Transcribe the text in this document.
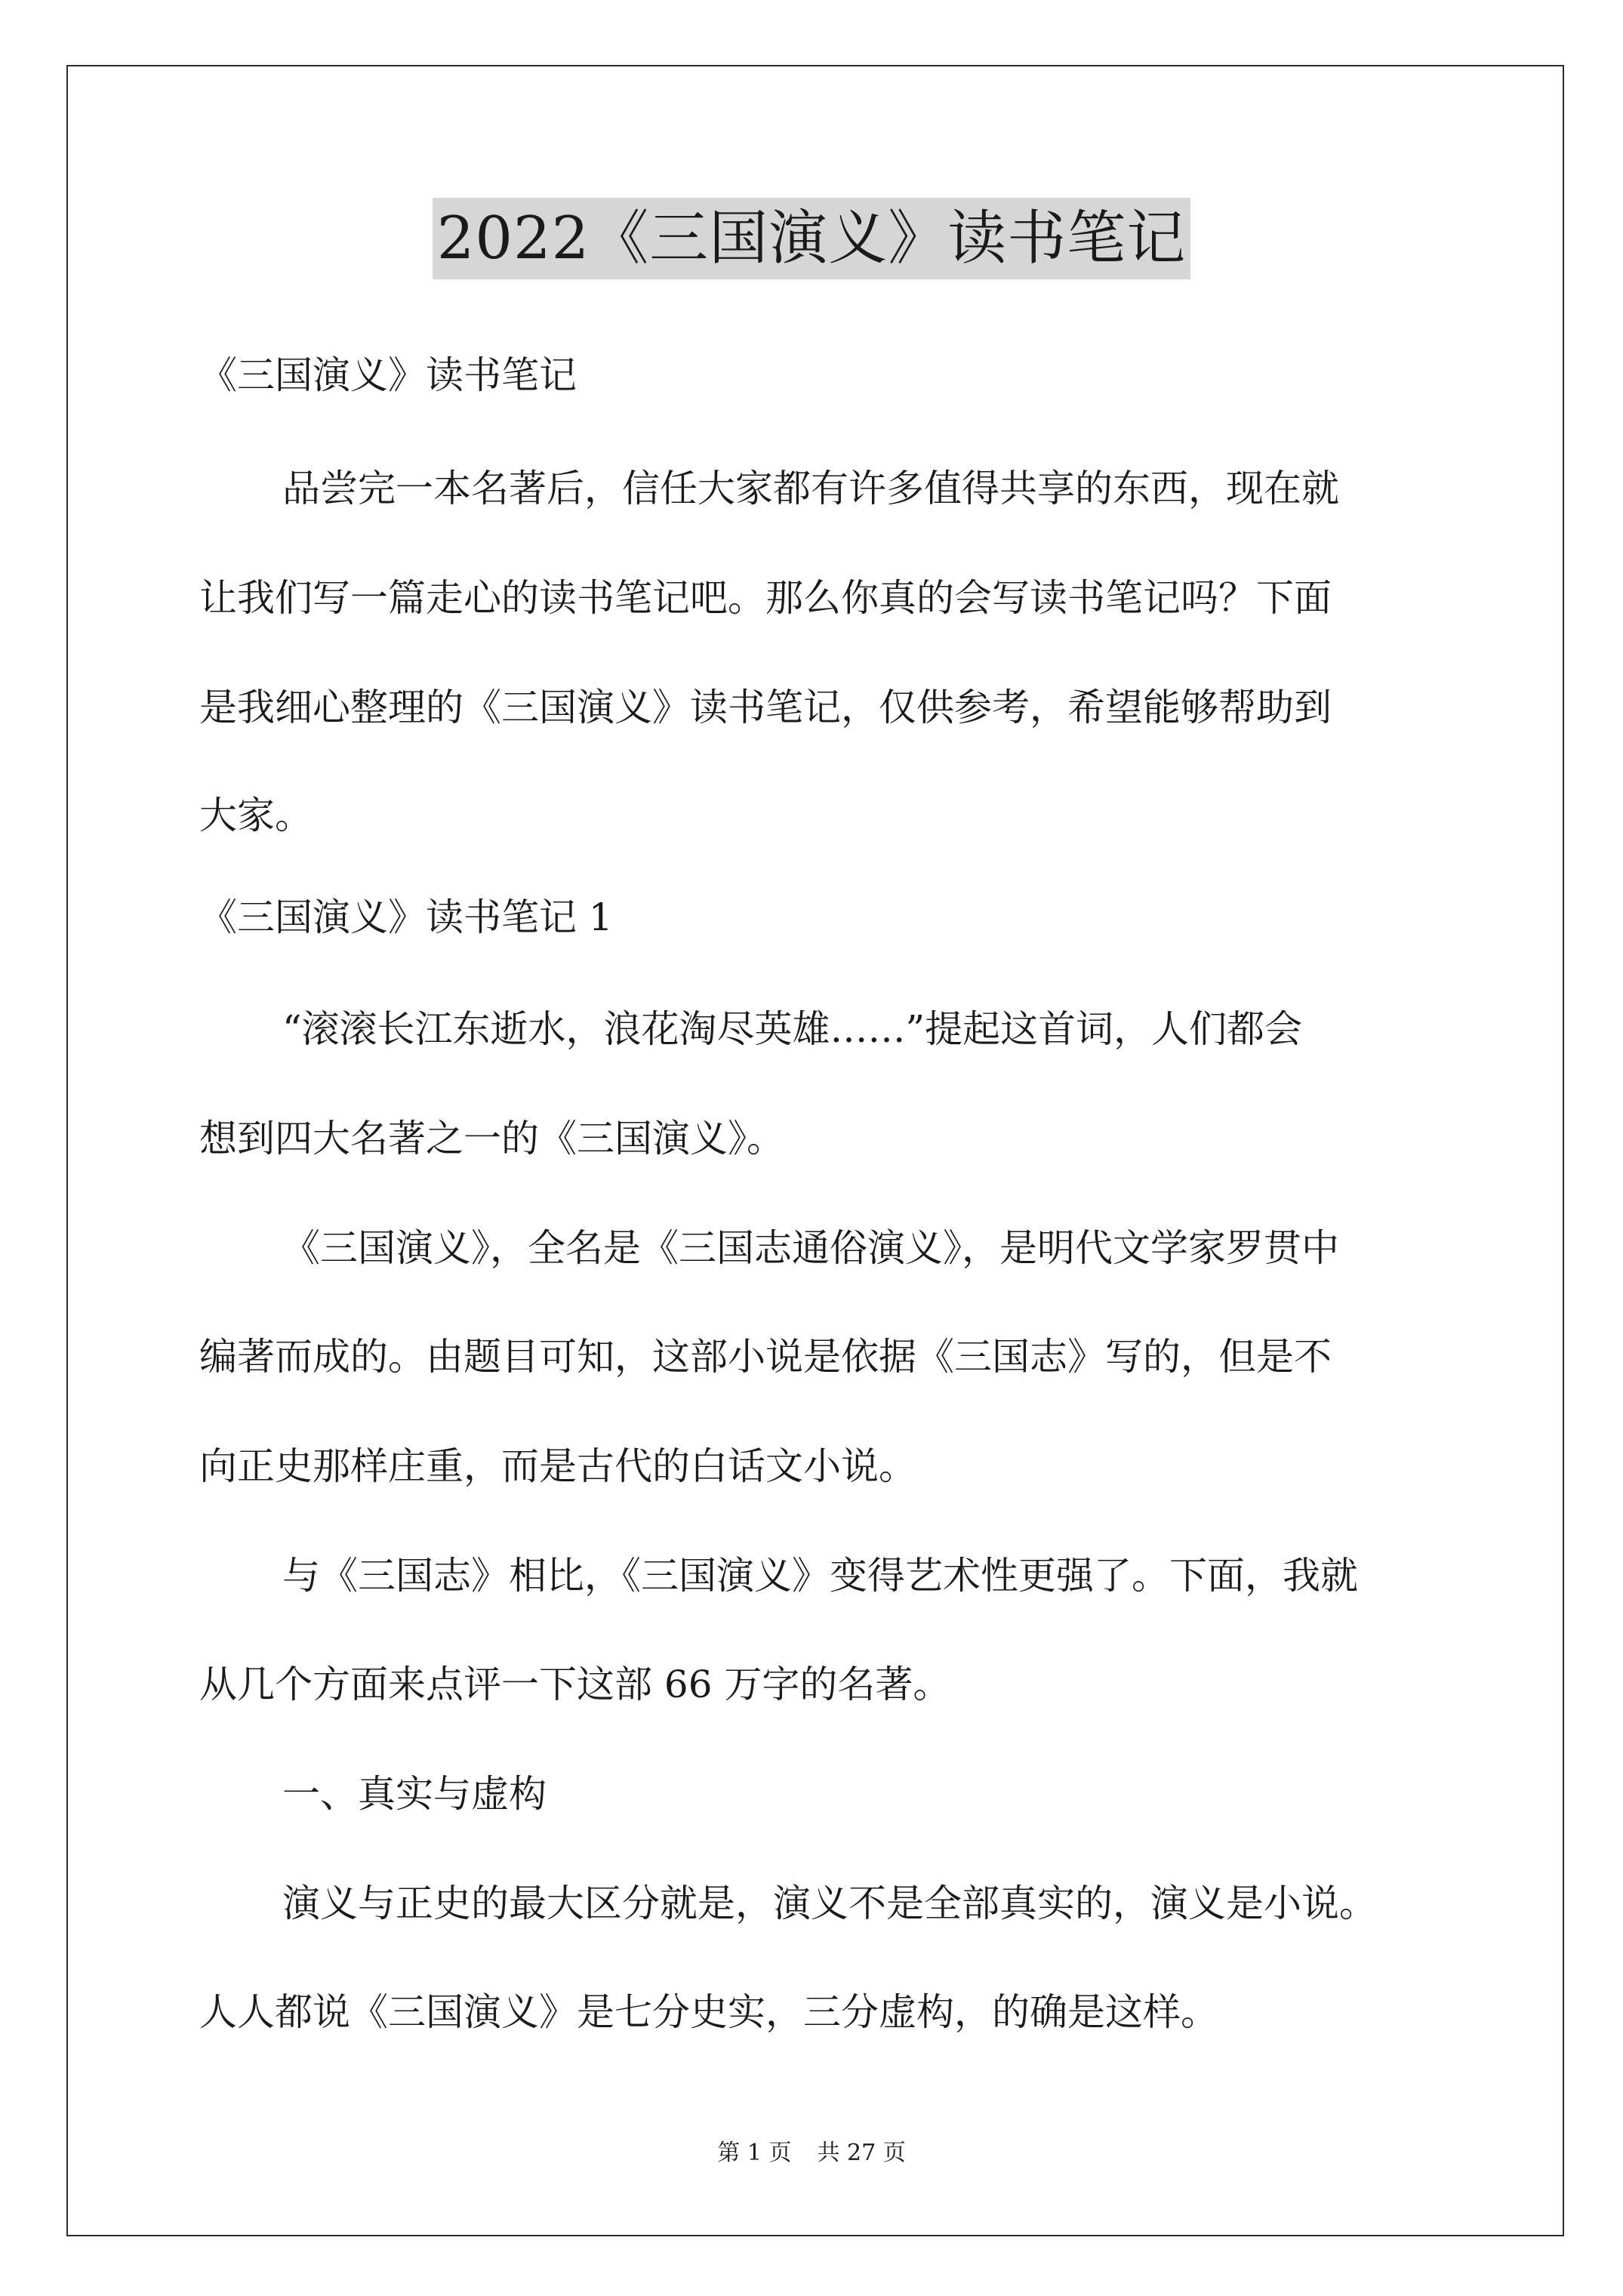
2022《三国演义》读书笔记

《三国演义》读书笔记

品尝完一本名著后，信任大家都有许多值得共享的东西，现在就

让我们写一篇走心的读书笔记吧。那么你真的会写读书笔记吗？下面

是我细心整理的《三国演义》读书笔记，仅供参考，希望能够帮助到

大家。

《三国演义》读书笔记 1

“滚滚长江东逝水，浪花淘尽英雄……”提起这首词，人们都会

想到四大名著之一的《三国演义》。

《三国演义》，全名是《三国志通俗演义》，是明代文学家罗贯中

编著而成的。由题目可知，这部小说是依据《三国志》写的，但是不

向正史那样庄重，而是古代的白话文小说。

与《三国志》相比，《三国演义》变得艺术性更强了。下面，我就

从几个方面来点评一下这部 66 万字的名著。

一、真实与虚构

演义与正史的最大区分就是，演义不是全部真实的，演义是小说。

人人都说《三国演义》是七分史实，三分虚构，的确是这样。

第 1 页 共 27 页
